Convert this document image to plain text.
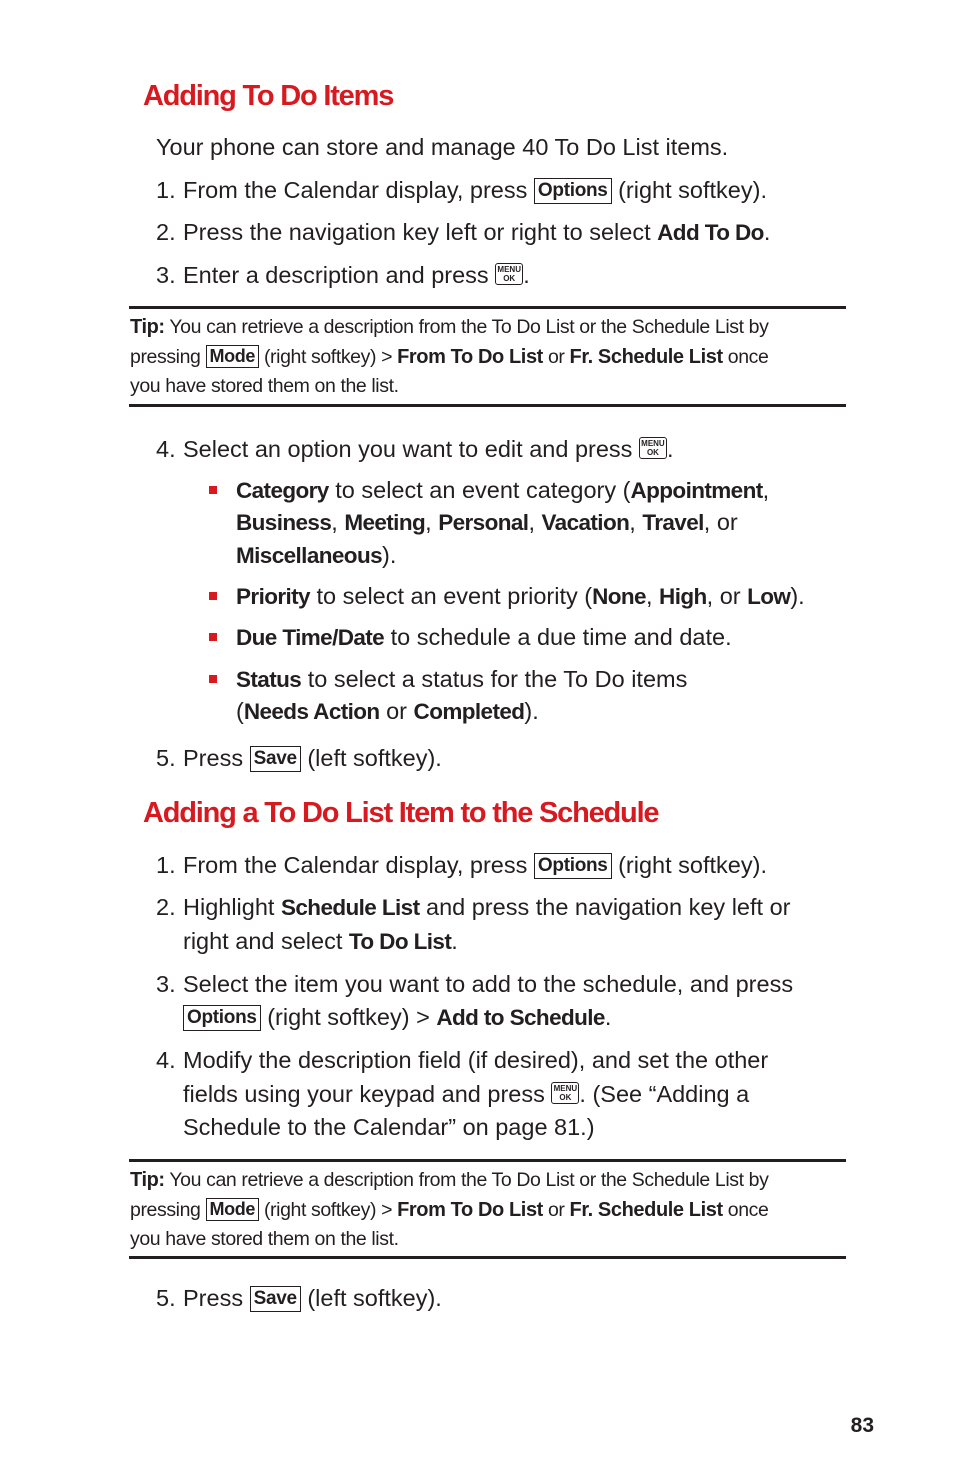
Adding To Do Items
Your phone can store and manage 40 To Do List items.
1. From the Calendar display, press Options (right softkey).
2. Press the navigation key left or right to select Add To Do.
3. Enter a description and press MENU
OK .
Tip: You can retrieve a description from the To Do List or the Schedule List by
pressing Mode (right softkey) > From To Do List or Fr. Schedule List once
you have stored them on the list.
4. Select an option you want to edit and press MENU
OK .
Category to select an event category (Appointment,
Business, Meeting, Personal, Vacation, Travel, or
Miscellaneous).
Priority to select an event priority (None, High, or Low).
Due Time/Date to schedule a due time and date.
Status to select a status for the To Do items
(Needs Action or Completed).
5. Press Save (left softkey).
Adding a To Do List Item to the Schedule
1. From the Calendar display, press Options (right softkey).
2. Highlight Schedule List and press the navigation key left or
right and select To Do List.
3. Select the item you want to add to the schedule, and press
Options (right softkey) > Add to Schedule.
4. Modify the description field (if desired), and set the other
fields using your keypad and press MENU
OK . (See “Adding a
Schedule to the Calendar” on page 81.)
Tip: You can retrieve a description from the To Do List or the Schedule List by
pressing Mode (right softkey) > From To Do List or Fr. Schedule List once
you have stored them on the list.
5. Press Save (left softkey).
83
